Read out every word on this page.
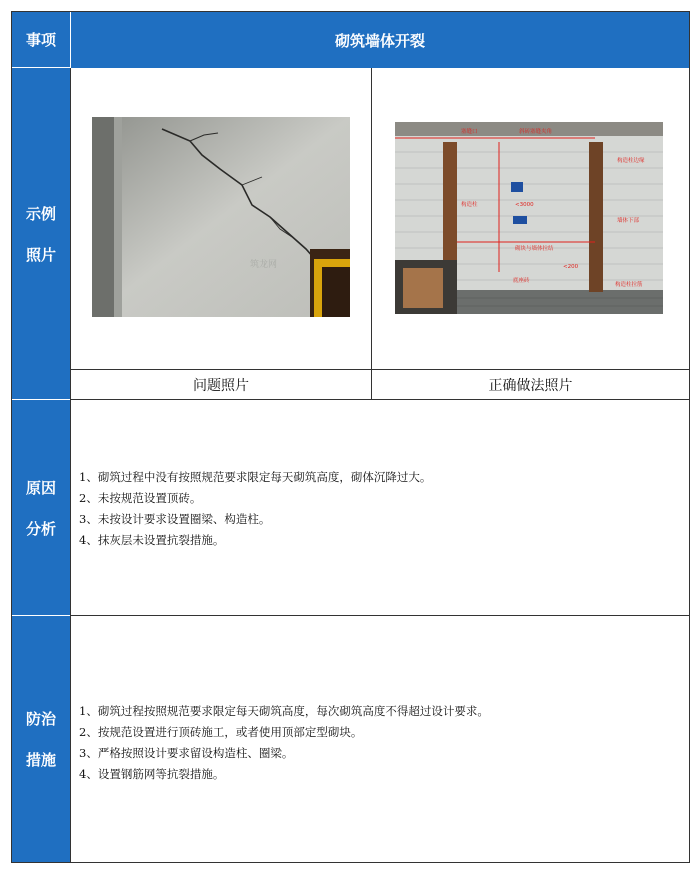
事项	砌筑墙体开裂
示例
照片
筑龙网
塞缝口	斜砖塞缝夹角
构造柱	<3000
砌块与墙体拉结
底座砖
<200
构造柱边缘
墙体下部
构造柱拉筋
问题照片	正确做法照片
原因
分析
1、砌筑过程中没有按照规范要求限定每天砌筑高度，砌体沉降过大。
2、未按规范设置顶砖。
3、未按设计要求设置圈梁、构造柱。
4、抹灰层未设置抗裂措施。
防治
措施
1、砌筑过程按照规范要求限定每天砌筑高度，每次砌筑高度不得超过设计要求。
2、按规范设置进行顶砖施工，或者使用顶部定型砌块。
3、严格按照设计要求留设构造柱、圈梁。
4、设置钢筋网等抗裂措施。
